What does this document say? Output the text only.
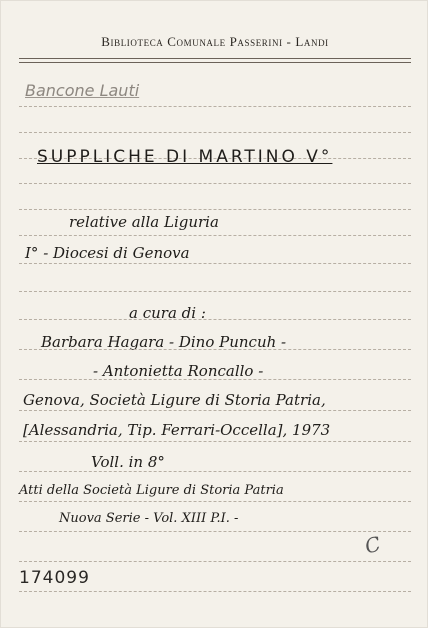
Biblioteca Comunale Passerini - Landi
Bancone Lauti
SUPPLICHE DI MARTINO V°
relative alla Liguria
I° - Diocesi di Genova
a cura di :
Barbara Hagara - Dino Puncuh -
- Antonietta Roncallo -
Genova, Società Ligure di Storia Patria,
[Alessandria, Tip. Ferrari-Occella], 1973
Voll. in 8°
Atti della Società Ligure di Storia Patria
Nuova Serie - Vol. XIII P.I. -
C
174099
